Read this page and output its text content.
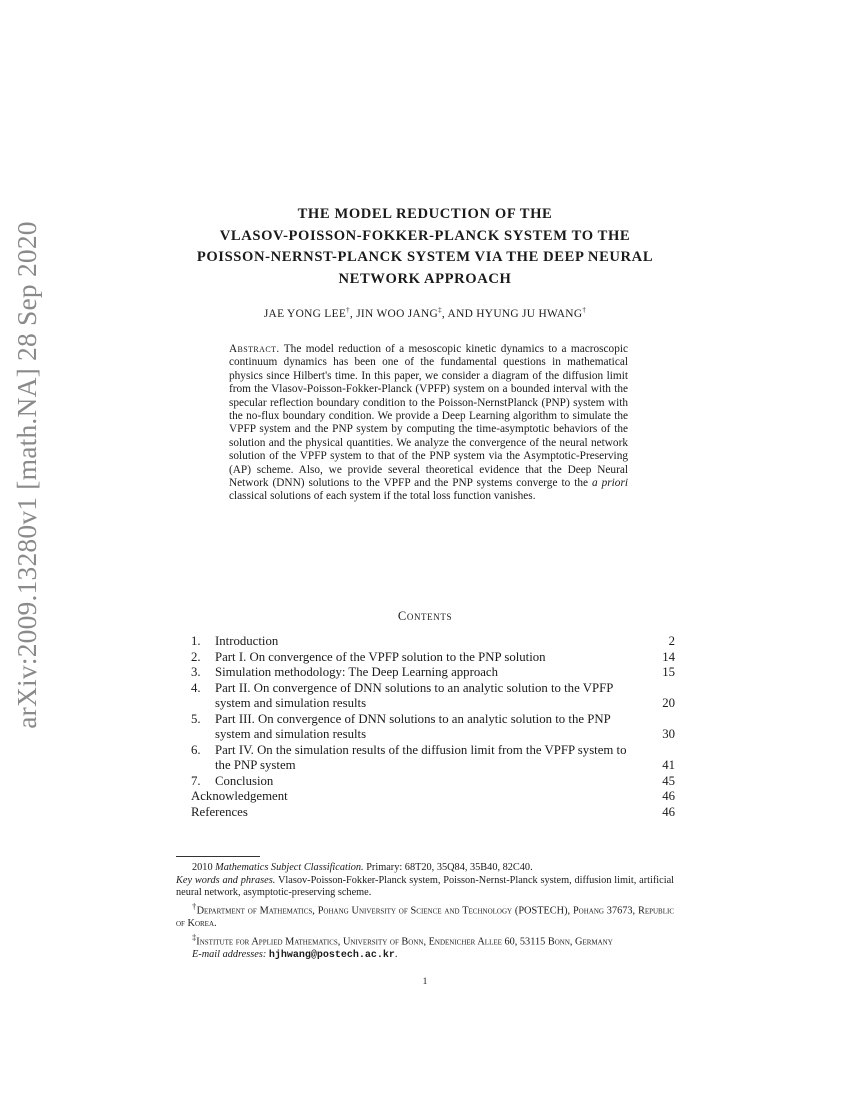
arXiv:2009.13280v1 [math.NA] 28 Sep 2020
THE MODEL REDUCTION OF THE
VLASOV-POISSON-FOKKER-PLANCK SYSTEM TO THE
POISSON-NERNST-PLANCK SYSTEM VIA THE DEEP NEURAL
NETWORK APPROACH
JAE YONG LEE†, JIN WOO JANG‡, AND HYUNG JU HWANG†
Abstract. The model reduction of a mesoscopic kinetic dynamics to a macroscopic continuum dynamics has been one of the fundamental questions in mathematical physics since Hilbert's time. In this paper, we consider a diagram of the diffusion limit from the Vlasov-Poisson-Fokker-Planck (VPFP) system on a bounded interval with the specular reflection boundary condition to the Poisson-NernstPlanck (PNP) system with the no-flux boundary condition. We provide a Deep Learning algorithm to simulate the VPFP system and the PNP system by computing the time-asymptotic behaviors of the solution and the physical quantities. We analyze the convergence of the neural network solution of the VPFP system to that of the PNP system via the Asymptotic-Preserving (AP) scheme. Also, we provide several theoretical evidence that the Deep Neural Network (DNN) solutions to the VPFP and the PNP systems converge to the a priori classical solutions of each system if the total loss function vanishes.
Contents
1.	Introduction	2
2.	Part I. On convergence of the VPFP solution to the PNP solution	14
3.	Simulation methodology: The Deep Learning approach	15
4.	Part II. On convergence of DNN solutions to an analytic solution to the VPFP system and simulation results	20
5.	Part III. On convergence of DNN solutions to an analytic solution to the PNP system and simulation results	30
6.	Part IV. On the simulation results of the diffusion limit from the VPFP system to the PNP system	41
7.	Conclusion	45
Acknowledgement	46
References	46

2010 Mathematics Subject Classification. Primary: 68T20, 35Q84, 35B40, 82C40.

Key words and phrases. Vlasov-Poisson-Fokker-Planck system, Poisson-Nernst-Planck system, diffusion limit, artificial neural network, asymptotic-preserving scheme.

†Department of Mathematics, Pohang University of Science and Technology (POSTECH), Pohang 37673, Republic of Korea.

‡Institute for Applied Mathematics, University of Bonn, Endenicher Allee 60, 53115 Bonn, Germany

E-mail addresses: hjhwang@postech.ac.kr.

1
